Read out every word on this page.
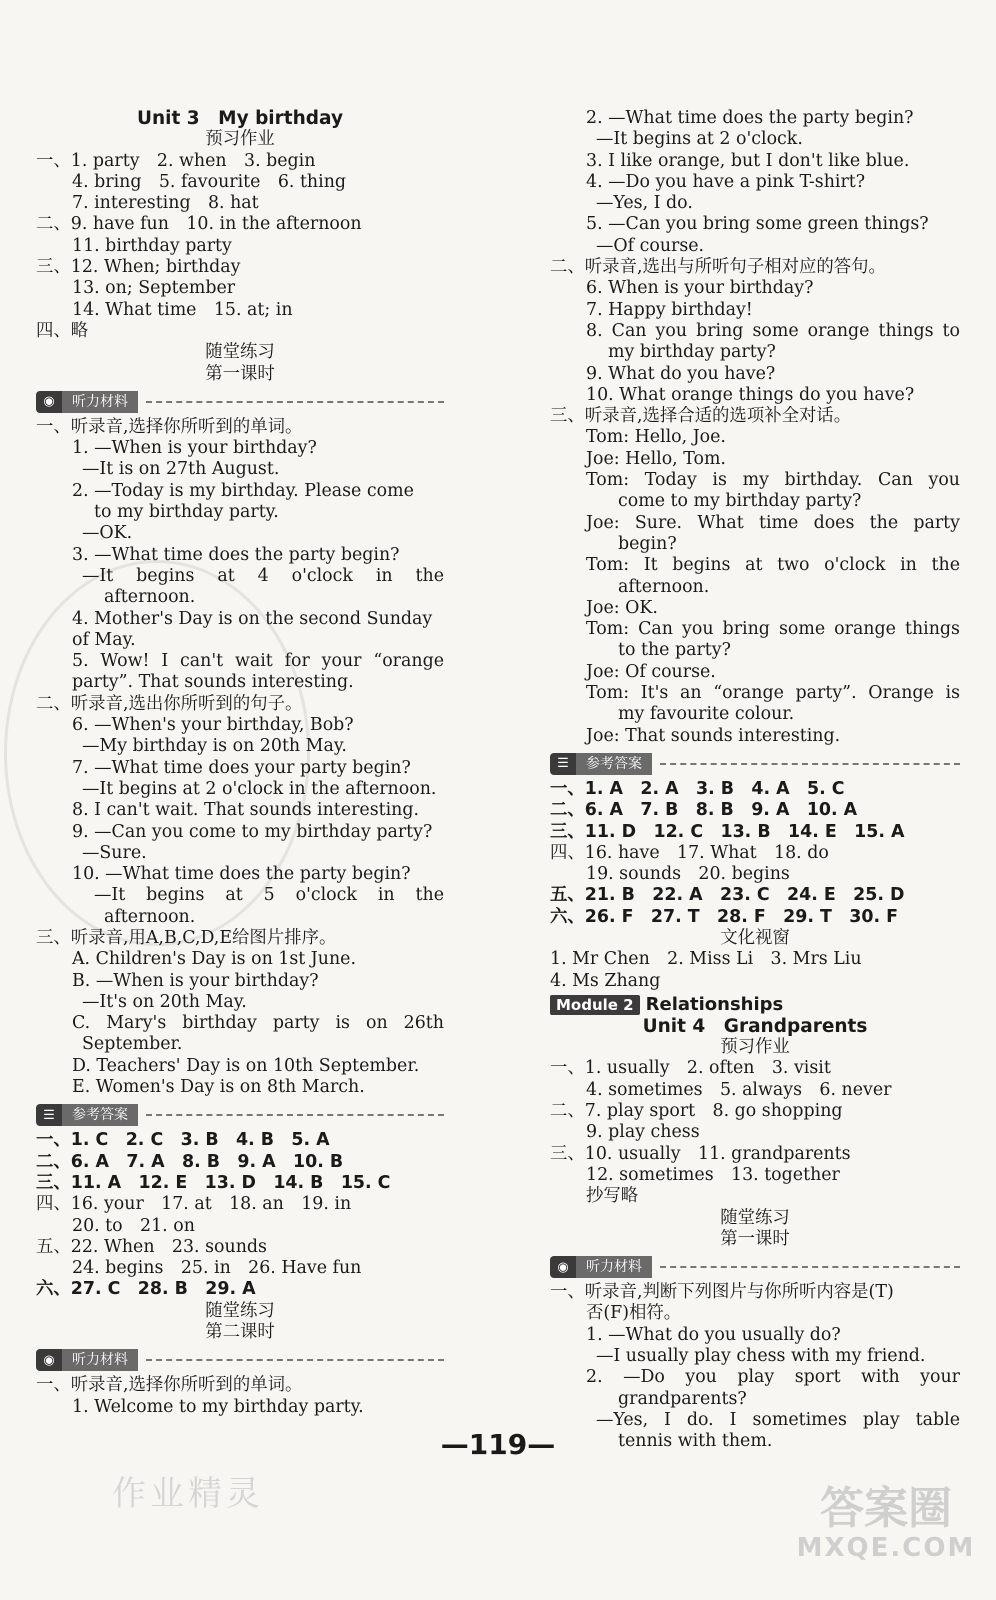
Unit 3　My birthday
预习作业
一、1. party　2. when　3. begin
4. bring　5. favourite　6. thing
7. interesting　8. hat
二、9. have fun　10. in the afternoon
11. birthday party
三、12. When; birthday
13. on; September
14. What time　15. at; in
四、略
随堂练习
第一课时
◉	听力材料
一、听录音,选择你所听到的单词。
1. —When is your birthday?
—It is on 27th August.
2. —Today is my birthday. Please come
to my birthday party.
—OK.
3. —What time does the party begin?
—It begins at 4 o'clock in the
afternoon.
4. Mother's Day is on the second Sunday
of May.
5. Wow! I can't wait for your “orange
party”. That sounds interesting.
二、听录音,选出你所听到的句子。
6. —When's your birthday, Bob?
—My birthday is on 20th May.
7. —What time does your party begin?
—It begins at 2 o'clock in the afternoon.
8. I can't wait. That sounds interesting.
9. —Can you come to my birthday party?
—Sure.
10. —What time does the party begin?
—It begins at 5 o'clock in the
afternoon.
三、听录音,用A,B,C,D,E给图片排序。
A. Children's Day is on 1st June.
B. —When is your birthday?
—It's on 20th May.
C. Mary's birthday party is on 26th
September.
D. Teachers' Day is on 10th September.
E. Women's Day is on 8th March.
☰	参考答案
一、1. C　2. C　3. B　4. B　5. A
二、6. A　7. A　8. B　9. A　10. B
三、11. A　12. E　13. D　14. B　15. C
四、16. your　17. at　18. an　19. in
20. to　21. on
五、22. When　23. sounds
24. begins　25. in　26. Have fun
六、27. C　28. B　29. A
随堂练习
第二课时
◉	听力材料
一、听录音,选择你所听到的单词。
1. Welcome to my birthday party.
2. —What time does the party begin?
—It begins at 2 o'clock.
3. I like orange, but I don't like blue.
4. —Do you have a pink T-shirt?
—Yes, I do.
5. —Can you bring some green things?
—Of course.
二、听录音,选出与所听句子相对应的答句。
6. When is your birthday?
7. Happy birthday!
8. Can you bring some orange things to
my birthday party?
9. What do you have?
10. What orange things do you have?
三、听录音,选择合适的选项补全对话。
Tom: Hello, Joe.
Joe: Hello, Tom.
Tom: Today is my birthday. Can you
come to my birthday party?
Joe: Sure. What time does the party
begin?
Tom: It begins at two o'clock in the
afternoon.
Joe: OK.
Tom: Can you bring some orange things
to the party?
Joe: Of course.
Tom: It's an “orange party”. Orange is
my favourite colour.
Joe: That sounds interesting.
☰	参考答案
一、1. A　2. A　3. B　4. A　5. C
二、6. A　7. B　8. B　9. A　10. A
三、11. D　12. C　13. B　14. E　15. A
四、16. have　17. What　18. do
19. sounds　20. begins
五、21. B　22. A　23. C　24. E　25. D
六、26. F　27. T　28. F　29. T　30. F
文化视窗
1. Mr Chen　2. Miss Li　3. Mrs Liu
4. Ms Zhang
Module 2 Relationships
Unit 4　Grandparents
预习作业
一、1. usually　2. often　3. visit
4. sometimes　5. always　6. never
二、7. play sport　8. go shopping
9. play chess
三、10. usually　11. grandparents
12. sometimes　13. together
抄写略
随堂练习
第一课时
◉	听力材料
一、听录音,判断下列图片与你所听内容是(T)
否(F)相符。
1. —What do you usually do?
—I usually play chess with my friend.
2. —Do you play sport with your
grandparents?
—Yes, I do. I sometimes play table
tennis with them.
—119—
作业精灵	答案圈
MXQE.COM
